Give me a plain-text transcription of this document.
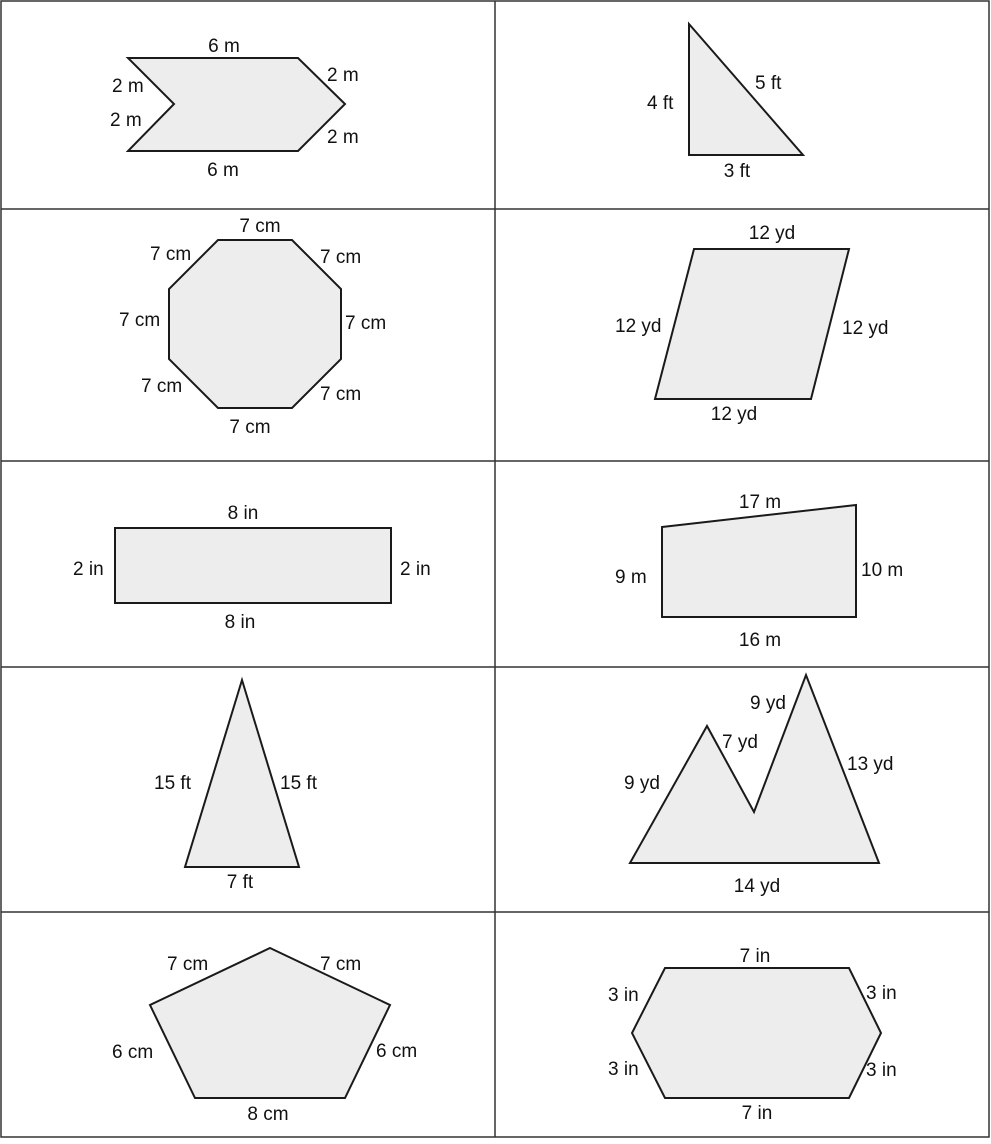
6 m
2 m
2 m
2 m
2 m
6 m
4 ft
5 ft
3 ft
7 cm
7 cm	7 cm
7 cm	7 cm
7 cm	7 cm
7 cm
12 yd
12 yd	12 yd
12 yd
8 in
2 in	2 in
8 in
17 m
9 m	10 m
16 m
15 ft	15 ft
7 ft
9 yd
7 yd
9 yd
13 yd
14 yd
7 cm	7 cm
6 cm	6 cm
8 cm
7 in
3 in	3 in
3 in	3 in
7 in
